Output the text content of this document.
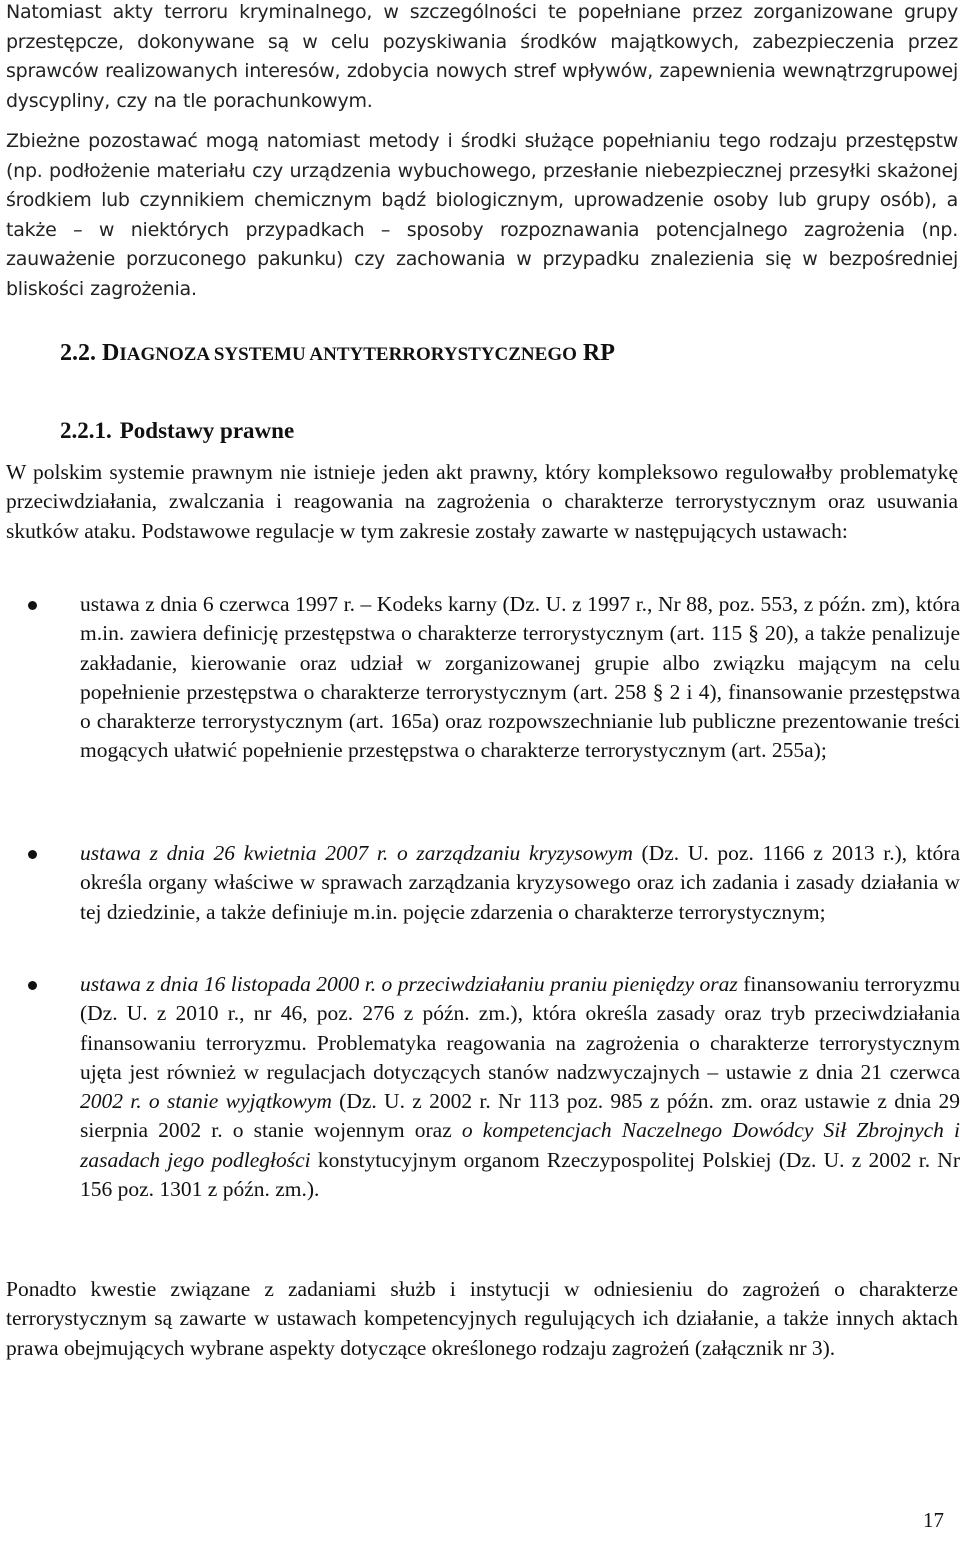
Natomiast akty terroru kryminalnego, w szczególności te popełniane przez zorganizowane grupy przestępcze, dokonywane są w celu pozyskiwania środków majątkowych, zabezpieczenia przez sprawców realizowanych interesów, zdobycia nowych stref wpływów, zapewnienia wewnątrzgrupowej dyscypliny, czy na tle porachunkowym.

Zbieżne pozostawać mogą natomiast metody i środki służące popełnianiu tego rodzaju przestępstw (np. podłożenie materiału czy urządzenia wybuchowego, przesłanie niebezpiecznej przesyłki skażonej środkiem lub czynnikiem chemicznym bądź biologicznym, uprowadzenie osoby lub grupy osób), a także – w niektórych przypadkach – sposoby rozpoznawania potencjalnego zagrożenia (np. zauważenie porzuconego pakunku) czy zachowania w przypadku znalezienia się w bezpośredniej bliskości zagrożenia.

2.2. DIAGNOZA SYSTEMU ANTYTERRORYSTYCZNEGO RP
2.2.1. Podstawy prawne

W polskim systemie prawnym nie istnieje jeden akt prawny, który kompleksowo regulowałby problematykę przeciwdziałania, zwalczania i reagowania na zagrożenia o charakterze terrorystycznym oraz usuwania skutków ataku. Podstawowe regulacje w tym zakresie zostały zawarte w następujących ustawach:

ustawa z dnia 6 czerwca 1997 r. – Kodeks karny (Dz. U. z 1997 r., Nr 88, poz. 553, z późn. zm), która m.in. zawiera definicję przestępstwa o charakterze terrorystycznym (art. 115 § 20), a także penalizuje zakładanie, kierowanie oraz udział w zorganizowanej grupie albo związku mającym na celu popełnienie przestępstwa o charakterze terrorystycznym (art. 258 § 2 i 4), finansowanie przestępstwa o charakterze terrorystycznym (art. 165a) oraz rozpowszechnianie lub publiczne prezentowanie treści mogących ułatwić popełnienie przestępstwa o charakterze terrorystycznym (art. 255a);
ustawa z dnia 26 kwietnia 2007 r. o zarządzaniu kryzysowym (Dz. U. poz. 1166 z 2013 r.), która określa organy właściwe w sprawach zarządzania kryzysowego oraz ich zadania i zasady działania w tej dziedzinie, a także definiuje m.in. pojęcie zdarzenia o charakterze terrorystycznym;
ustawa z dnia 16 listopada 2000 r. o przeciwdziałaniu praniu pieniędzy oraz finansowaniu terroryzmu (Dz. U. z 2010 r., nr 46, poz. 276 z późn. zm.), która określa zasady oraz tryb przeciwdziałania finansowaniu terroryzmu. Problematyka reagowania na zagrożenia o charakterze terrorystycznym ujęta jest również w regulacjach dotyczących stanów nadzwyczajnych – ustawie z dnia 21 czerwca 2002 r. o stanie wyjątkowym (Dz. U. z 2002 r. Nr 113 poz. 985 z późn. zm. oraz ustawie z dnia 29 sierpnia 2002 r. o stanie wojennym oraz o kompetencjach Naczelnego Dowódcy Sił Zbrojnych i zasadach jego podległości konstytucyjnym organom Rzeczypospolitej Polskiej (Dz. U. z 2002 r. Nr 156 poz. 1301 z późn. zm.).

Ponadto kwestie związane z zadaniami służb i instytucji w odniesieniu do zagrożeń o charakterze terrorystycznym są zawarte w ustawach kompetencyjnych regulujących ich działanie, a także innych aktach prawa obejmujących wybrane aspekty dotyczące określonego rodzaju zagrożeń (załącznik nr 3).

17
